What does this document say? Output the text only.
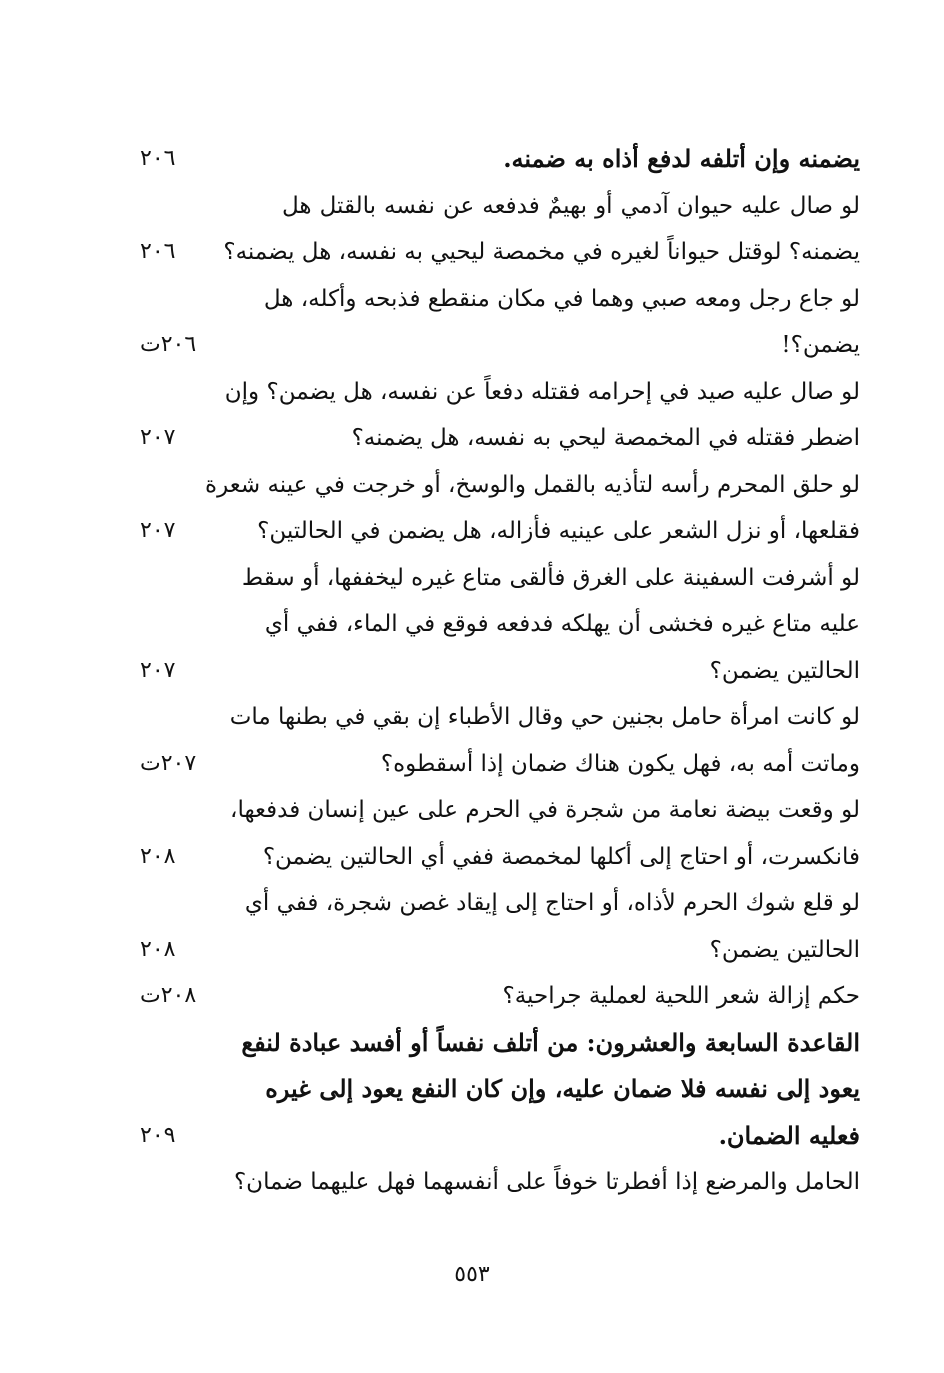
يضمنه وإن أتلفه لدفع أذاه به ضمنه.
٢٠٦
لو صال عليه حيوان آدمي أو بهيمٌ فدفعه عن نفسه بالقتل هل
يضمنه؟ لوقتل حيواناً لغيره في مخمصة ليحيي به نفسه، هل يضمنه؟
٢٠٦
لو جاع رجل ومعه صبي وهما في مكان منقطع فذبحه وأكله، هل
يضمن؟!
٢٠٦ت
لو صال عليه صيد في إحرامه فقتله دفعاً عن نفسه، هل يضمن؟ وإن
اضطر فقتله في المخمصة ليحي به نفسه، هل يضمنه؟
٢٠٧
لو حلق المحرم رأسه لتأذيه بالقمل والوسخ، أو خرجت في عينه شعرة
فقلعها، أو نزل الشعر على عينيه فأزاله، هل يضمن في الحالتين؟
٢٠٧
لو أشرفت السفينة على الغرق فألقى متاع غيره ليخففها، أو سقط
عليه متاع غيره فخشى أن يهلكه فدفعه فوقع في الماء، ففي أي
الحالتين يضمن؟
٢٠٧
لو كانت امرأة حامل بجنين حي وقال الأطباء إن بقي في بطنها مات
وماتت أمه به، فهل يكون هناك ضمان إذا أسقطوه؟
٢٠٧ت
لو وقعت بيضة نعامة من شجرة في الحرم على عين إنسان فدفعها،
فانكسرت، أو احتاج إلى أكلها لمخمصة ففي أي الحالتين يضمن؟
٢٠٨
لو قلع شوك الحرم لأذاه، أو احتاج إلى إيقاد غصن شجرة، ففي أي
الحالتين يضمن؟
٢٠٨
حكم إزالة شعر اللحية لعملية جراحية؟
٢٠٨ت
القاعدة السابعة والعشرون: من أتلف نفساً أو أفسد عبادة لنفع
يعود إلى نفسه فلا ضمان عليه، وإن كان النفع يعود إلى غيره
فعليه الضمان.
٢٠٩
الحامل والمرضع إذا أفطرتا خوفاً على أنفسهما فهل عليهما ضمان؟
٥٥٣
